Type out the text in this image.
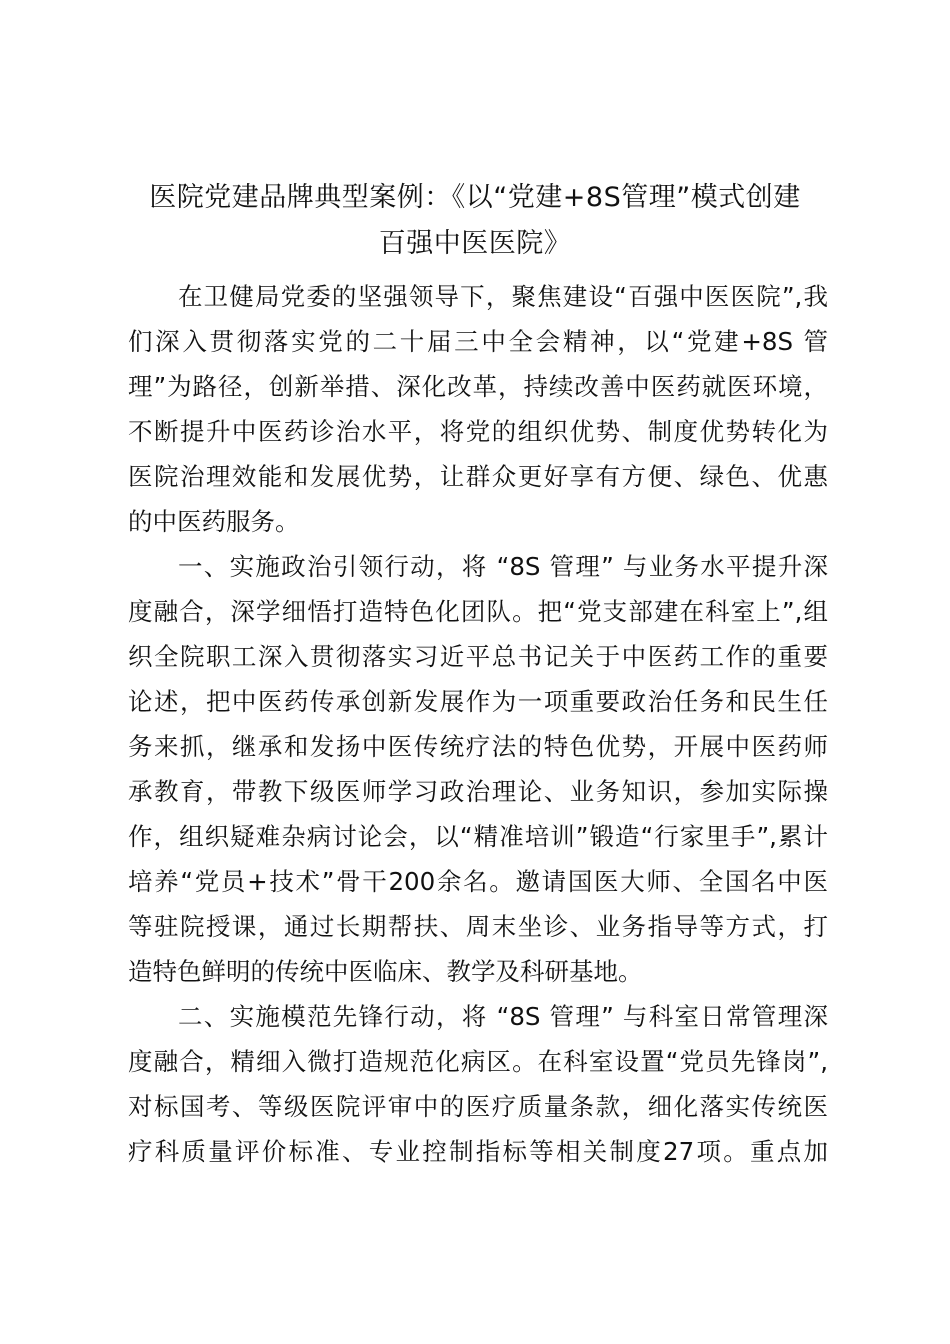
医院党建品牌典型案例：《以“党建+8S管理”模式创建
百强中医医院》
在卫健局党委的坚强领导下，聚焦建设“百强中医医院”,我
们深入贯彻落实党的二十届三中全会精神，以“党建+8S 管
理”为路径，创新举措、深化改革，持续改善中医药就医环境，
不断提升中医药诊治水平，将党的组织优势、制度优势转化为
医院治理效能和发展优势，让群众更好享有方便、绿色、优惠
的中医药服务。
一、实施政治引领行动，将 “8S 管理” 与业务水平提升深
度融合，深学细悟打造特色化团队。把“党支部建在科室上”,组
织全院职工深入贯彻落实习近平总书记关于中医药工作的重要
论述，把中医药传承创新发展作为一项重要政治任务和民生任
务来抓，继承和发扬中医传统疗法的特色优势，开展中医药师
承教育，带教下级医师学习政治理论、业务知识，参加实际操
作，组织疑难杂病讨论会，以“精准培训”锻造“行家里手”,累计
培养“党员+技术”骨干200余名。邀请国医大师、全国名中医
等驻院授课，通过长期帮扶、周末坐诊、业务指导等方式，打
造特色鲜明的传统中医临床、教学及科研基地。
二、实施模范先锋行动，将 “8S 管理” 与科室日常管理深
度融合，精细入微打造规范化病区。在科室设置“党员先锋岗”,
对标国考、等级医院评审中的医疗质量条款，细化落实传统医
疗科质量评价标准、专业控制指标等相关制度27项。重点加
